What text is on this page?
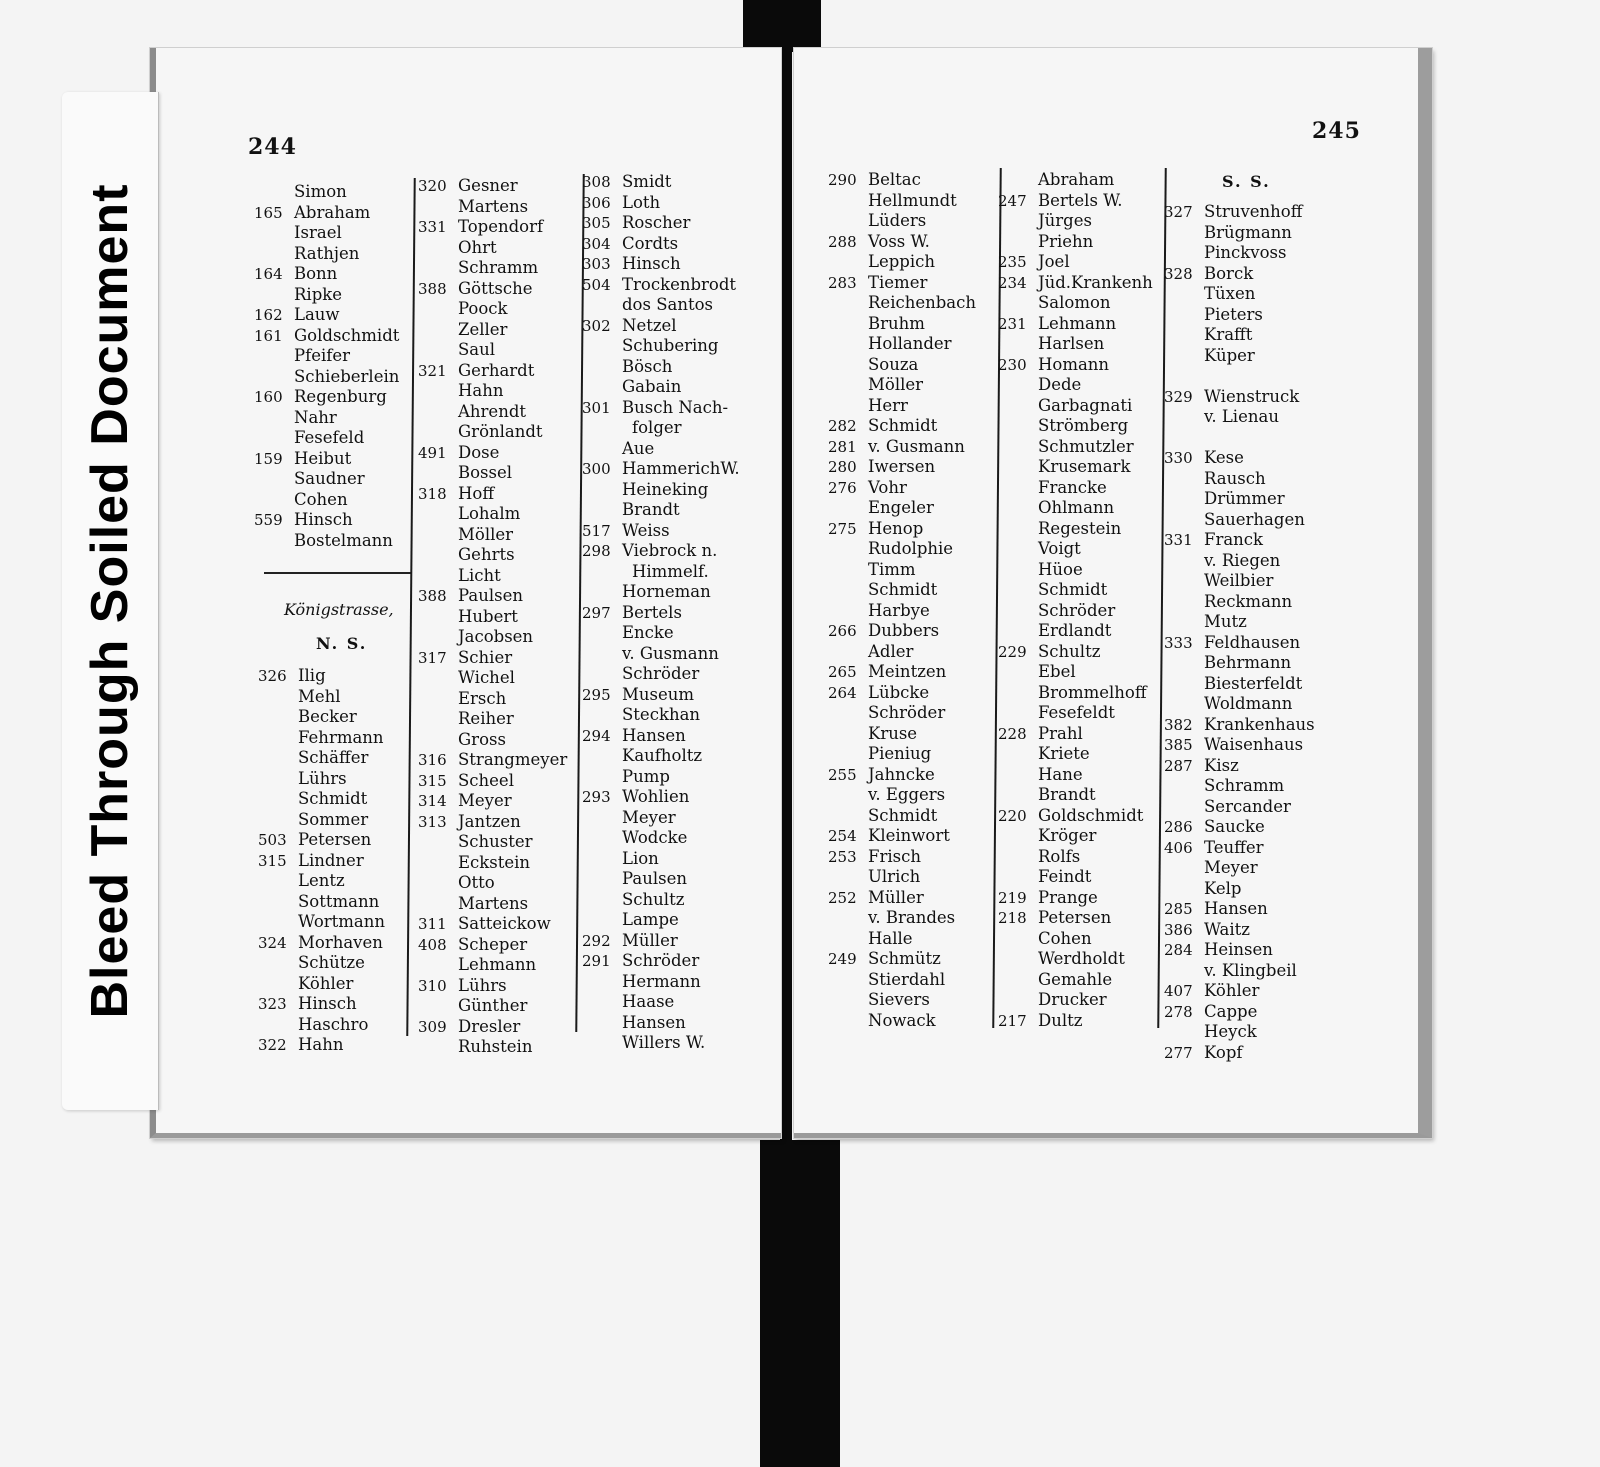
244
Simon
165 Abraham
Israel
Rathjen
164 Bonn
Ripke
162 Lauw
161 Goldschmidt
Pfeifer
Schieberlein
160 Regenburg
Nahr
Fesefeld
159 Heibut
Saudner
Cohen
559 Hinsch
Bostelmann
Königstrasse,
N. S.
326 Ilig
Mehl
Becker
Fehrmann
Schäffer
Lührs
Schmidt
Sommer
503 Petersen
315 Lindner
Lentz
Sottmann
Wortmann
324 Morhaven
Schütze
Köhler
323 Hinsch
Haschro
322 Hahn
320 Gesner
Martens
331 Topendorf
Ohrt
Schramm
388 Göttsche
Poock
Zeller
Saul
321 Gerhardt
Hahn
Ahrendt
Grönlandt
491 Dose
Bossel
318 Hoff
Lohalm
Möller
Gehrts
Licht
388 Paulsen
Hubert
Jacobsen
317 Schier
Wichel
Ersch
Reiher
Gross
316 Strangmeyer
315 Scheel
314 Meyer
313 Jantzen
Schuster
Eckstein
Otto
Martens
311 Satteickow
408 Scheper
Lehmann
310 Lührs
Günther
309 Dresler
Ruhstein
308 Smidt
306 Loth
305 Roscher
304 Cordts
303 Hinsch
504 Trockenbrodt
dos Santos
302 Netzel
Schubering
Bösch
Gabain
301 Busch Nach-
folger
Aue
300 HammerichW.
Heineking
Brandt
517 Weiss
298 Viebrock n.
Himmelf.
Horneman
297 Bertels
Encke
v. Gusmann
Schröder
295 Museum
Steckhan
294 Hansen
Kaufholtz
Pump
293 Wohlien
Meyer
Wodcke
Lion
Paulsen
Schultz
Lampe
292 Müller
291 Schröder
Hermann
Haase
Hansen
Willers W.
245
290 Beltac
Hellmundt
Lüders
288 Voss W.
Leppich
283 Tiemer
Reichenbach
Bruhm
Hollander
Souza
Möller
Herr
282 Schmidt
281 v. Gusmann
280 Iwersen
276 Vohr
Engeler
275 Henop
Rudolphie
Timm
Schmidt
Harbye
266 Dubbers
Adler
265 Meintzen
264 Lübcke
Schröder
Kruse
Pieniug
255 Jahncke
v. Eggers
Schmidt
254 Kleinwort
253 Frisch
Ulrich
252 Müller
v. Brandes
Halle
249 Schmütz
Stierdahl
Sievers
Nowack
Abraham
247 Bertels W.
Jürges
Priehn
235 Joel
234 Jüd.Krankenh
Salomon
231 Lehmann
Harlsen
230 Homann
Dede
Garbagnati
Strömberg
Schmutzler
Krusemark
Francke
Ohlmann
Regestein
Voigt
Hüoe
Schmidt
Schröder
Erdlandt
229 Schultz
Ebel
Brommelhoff
Fesefeldt
228 Prahl
Kriete
Hane
Brandt
220 Goldschmidt
Kröger
Rolfs
Feindt
219 Prange
218 Petersen
Cohen
Werdholdt
Gemahle
Drucker
217 Dultz
S. S.
327 Struvenhoff
Brügmann
Pinckvoss
328 Borck
Tüxen
Pieters
Krafft
Küper
329 Wienstruck
v. Lienau
330 Kese
Rausch
Drümmer
Sauerhagen
331 Franck
v. Riegen
Weilbier
Reckmann
Mutz
333 Feldhausen
Behrmann
Biesterfeldt
Woldmann
382 Krankenhaus
385 Waisenhaus
287 Kisz
Schramm
Sercander
286 Saucke
406 Teuffer
Meyer
Kelp
285 Hansen
386 Waitz
284 Heinsen
v. Klingbeil
407 Köhler
278 Cappe
Heyck
277 Kopf
Bleed Through Soiled Document
